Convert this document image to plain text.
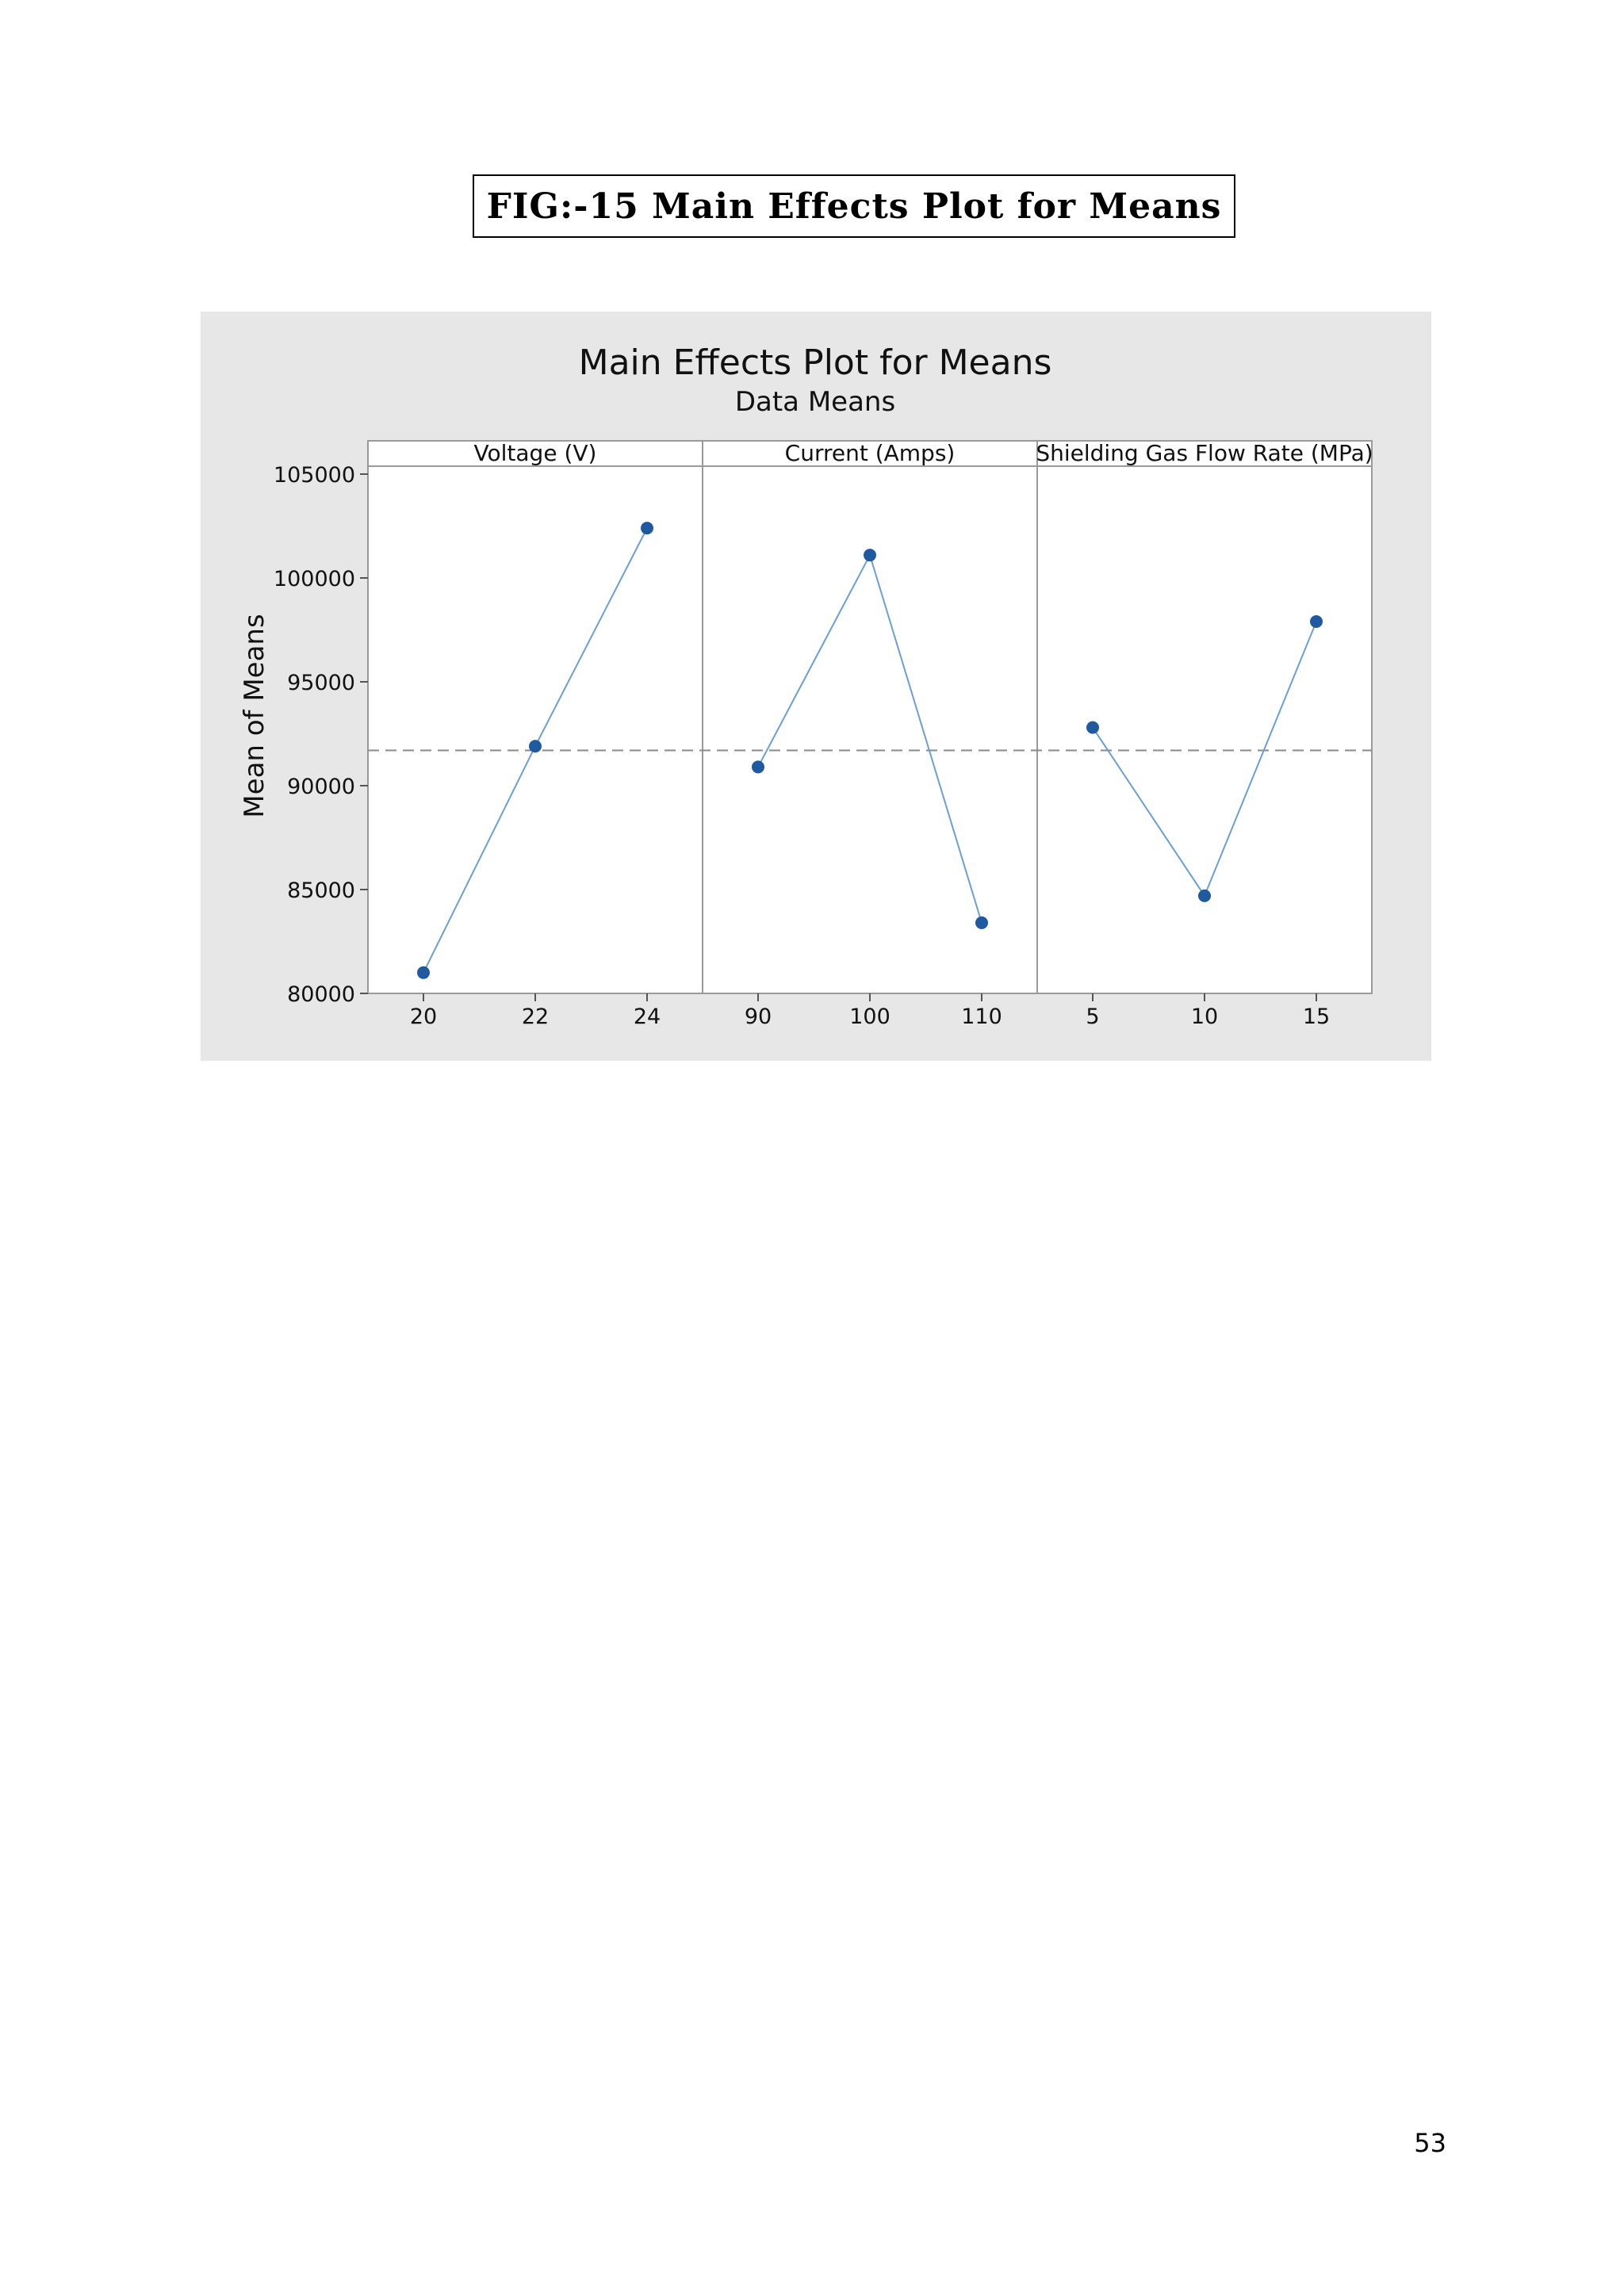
FIG:-15 Main Effects Plot for Means
Main Effects Plot for Means
Data Means
Mean of Means
Voltage (V)	Current (Amps)	Shielding Gas Flow Rate (MPa)
80000
85000
90000
95000
100000
105000
20	22	24	90	100	110	5	10	15
53
